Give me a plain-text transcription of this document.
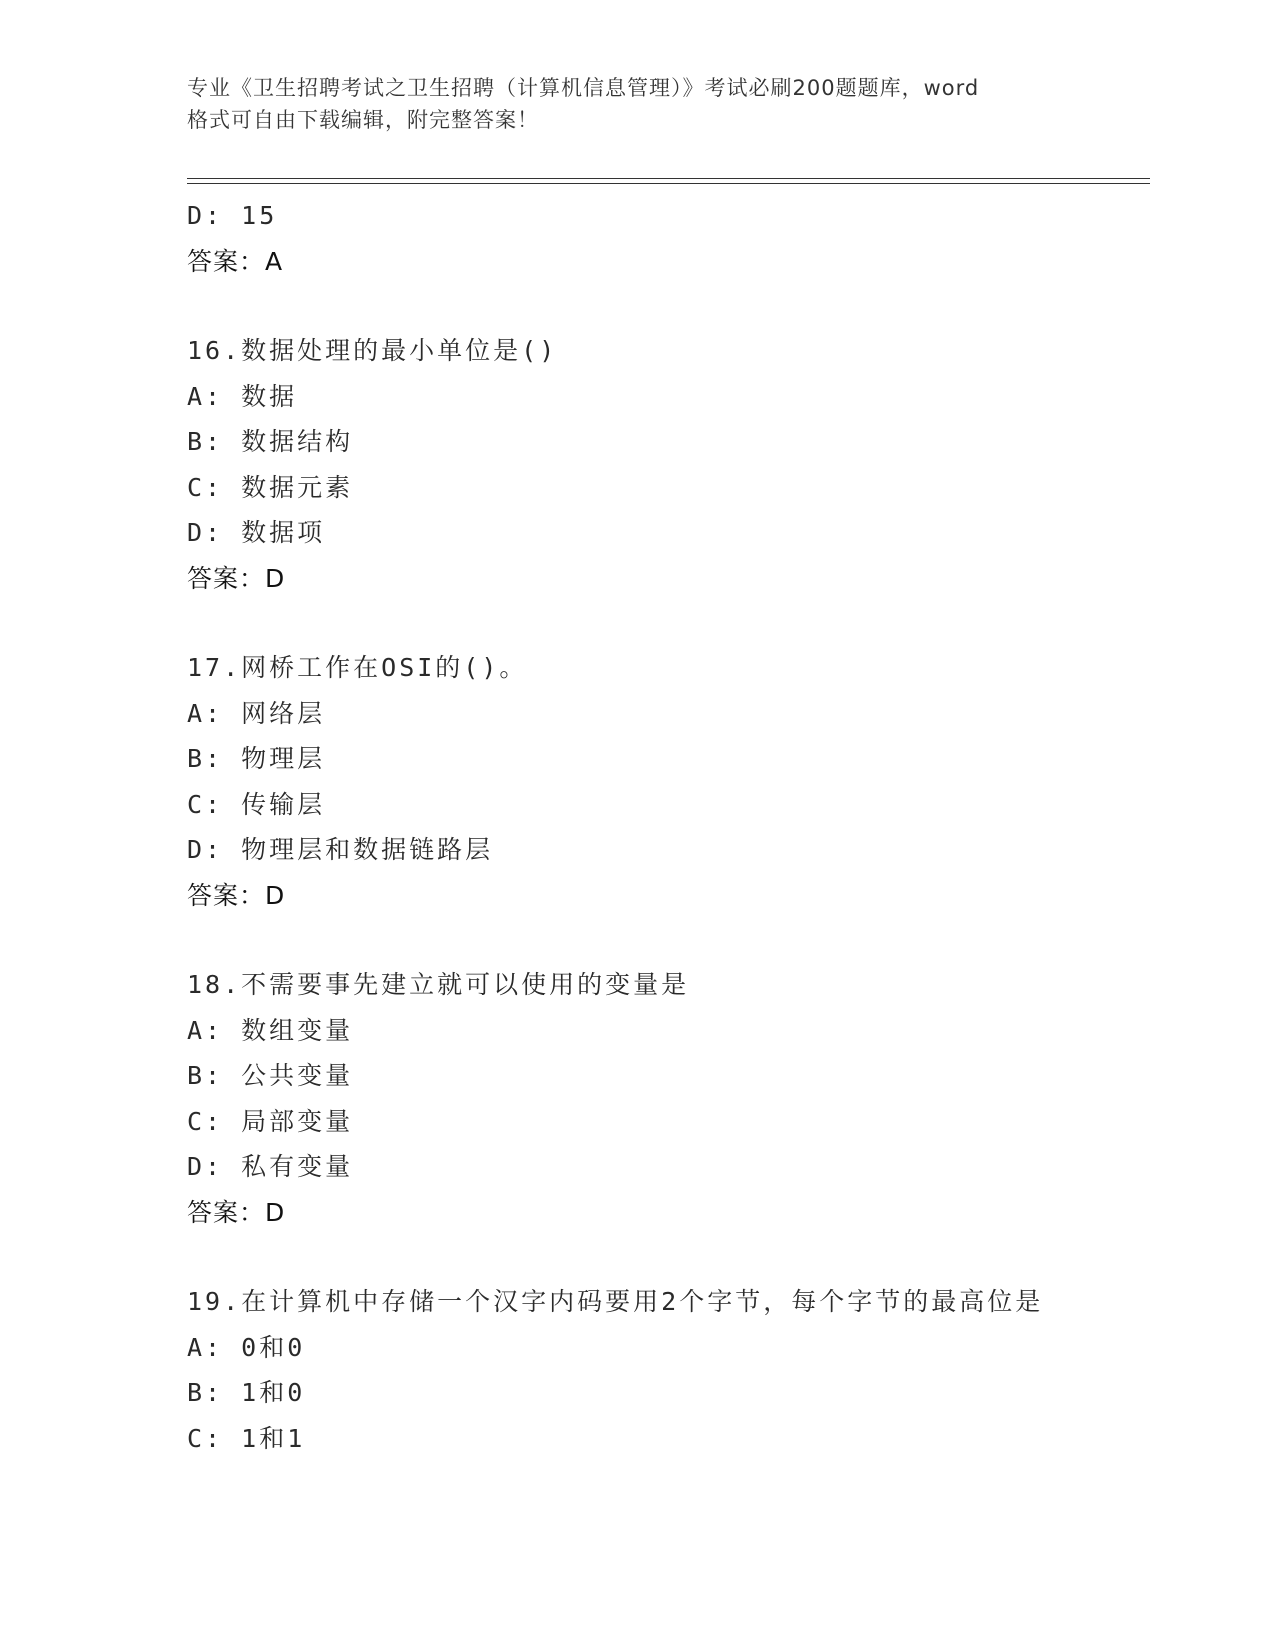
专业《卫生招聘考试之卫生招聘（计算机信息管理）》考试必刷200题题库，word
格式可自由下载编辑，附完整答案！
D: 15
答案：A
16.数据处理的最小单位是()
A: 数据
B: 数据结构
C: 数据元素
D: 数据项
答案：D
17.网桥工作在OSI的()。
A: 网络层
B: 物理层
C: 传输层
D: 物理层和数据链路层
答案：D
18.不需要事先建立就可以使用的变量是
A: 数组变量
B: 公共变量
C: 局部变量
D: 私有变量
答案：D
19.在计算机中存储一个汉字内码要用2个字节，每个字节的最高位是
A: 0和0
B: 1和0
C: 1和1
